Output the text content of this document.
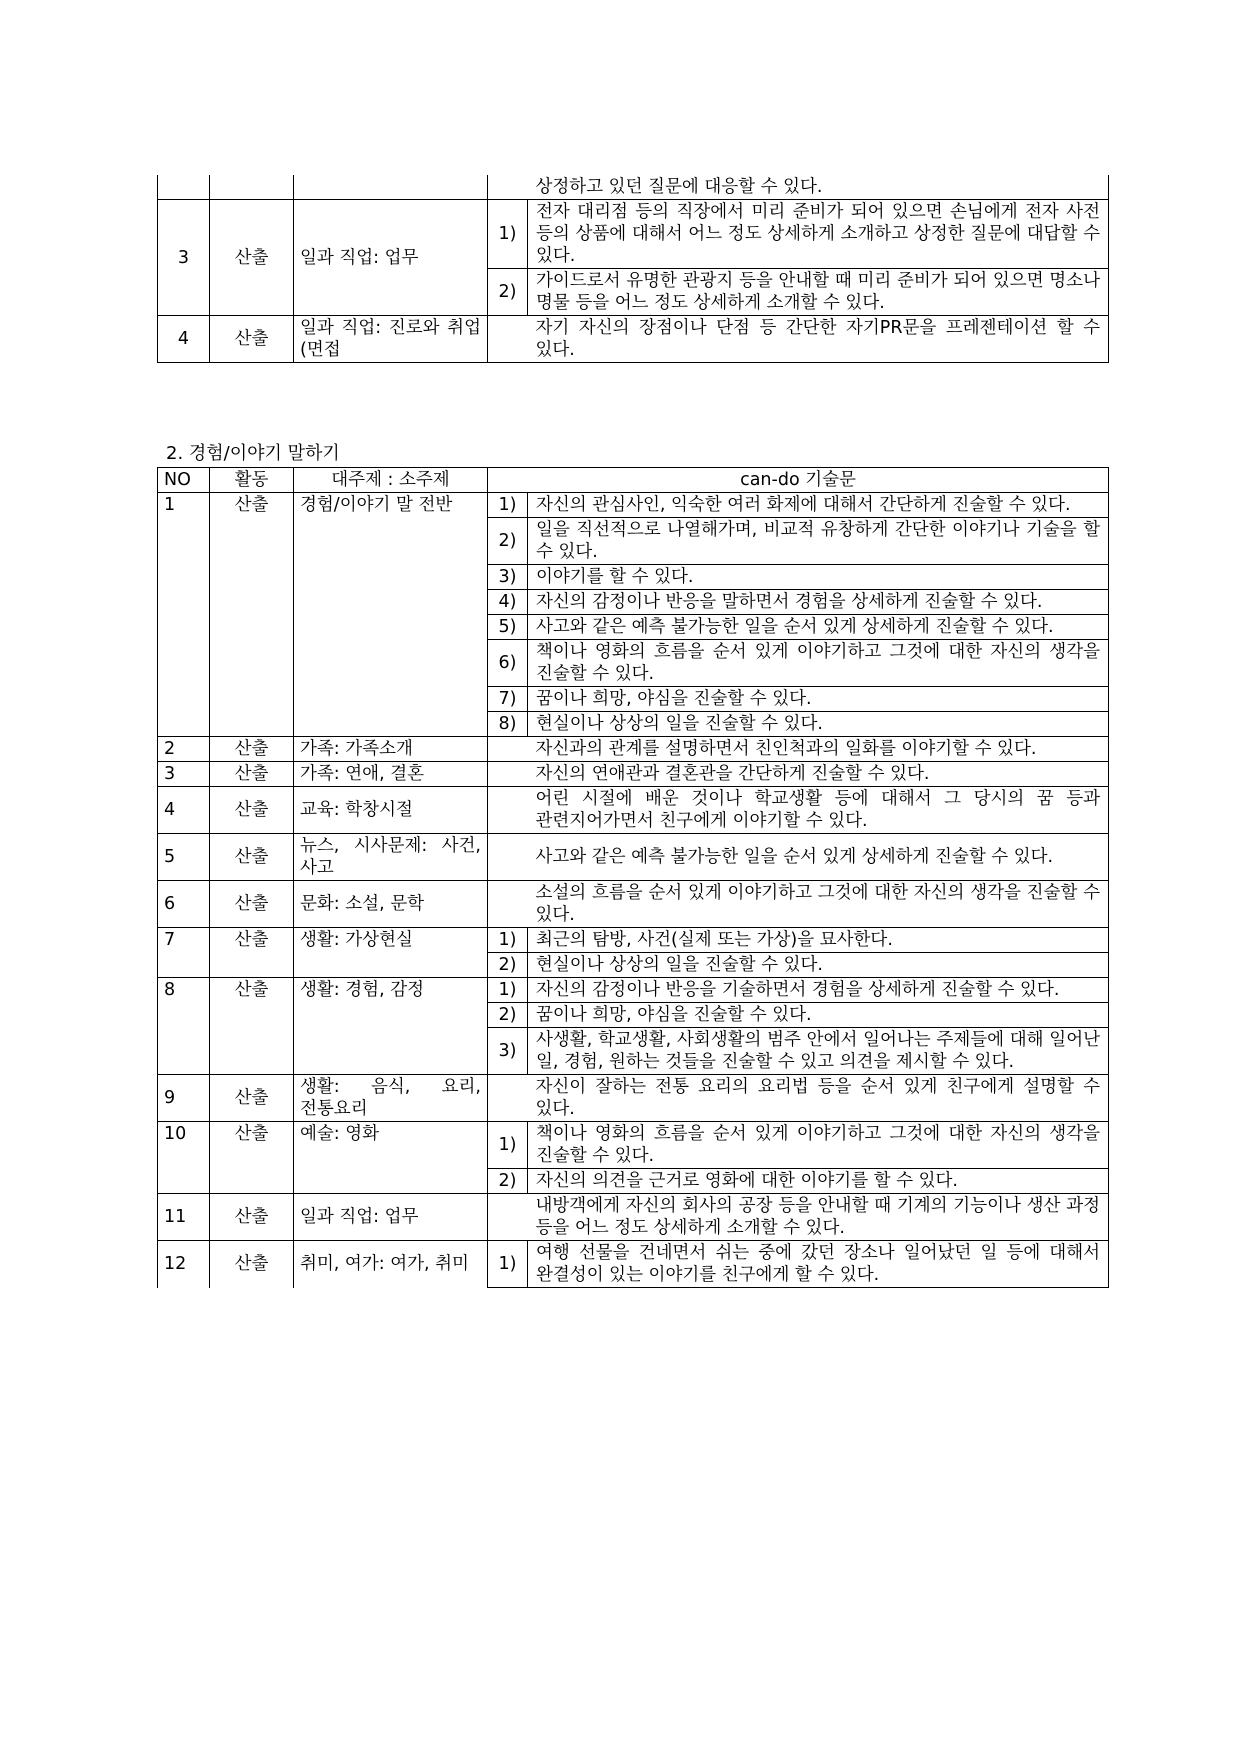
				상정하고 있던 질문에 대응할 수 있다.
3	산출	일과 직업: 업무	1)	전자 대리점 등의 직장에서 미리 준비가 되어 있으면 손님에게 전자 사전 등의 상품에 대해서 어느 정도 상세하게 소개하고 상정한 질문에 대답할 수 있다.
			2)	가이드로서 유명한 관광지 등을 안내할 때 미리 준비가 되어 있으면 명소나 명물 등을 어느 정도 상세하게 소개할 수 있다.
4	산출	일과 직업: 진로와 취업(면접		자기 자신의 장점이나 단점 등 간단한 자기PR문을 프레젠테이션 할 수 있다.
2. 경험/이야기 말하기
NO	활동	대주제 : 소주제	can-do 기술문	
1	산출	경험/이야기 말 전반	1)	자신의 관심사인, 익숙한 여러 화제에 대해서 간단하게 진술할 수 있다.
			2)	일을 직선적으로 나열해가며, 비교적 유창하게 간단한 이야기나 기술을 할 수 있다.
			3)	이야기를 할 수 있다.
			4)	자신의 감정이나 반응을 말하면서 경험을 상세하게 진술할 수 있다.
			5)	사고와 같은 예측 불가능한 일을 순서 있게 상세하게 진술할 수 있다.
			6)	책이나 영화의 흐름을 순서 있게 이야기하고 그것에 대한 자신의 생각을 진술할 수 있다.
			7)	꿈이나 희망, 야심을 진술할 수 있다.
			8)	현실이나 상상의 일을 진술할 수 있다.
2	산출	가족: 가족소개		자신과의 관계를 설명하면서 친인척과의 일화를 이야기할 수 있다.
3	산출	가족: 연애, 결혼		자신의 연애관과 결혼관을 간단하게 진술할 수 있다.
4	산출	교육: 학창시절		어린 시절에 배운 것이나 학교생활 등에 대해서 그 당시의 꿈 등과 관련지어가면서 친구에게 이야기할 수 있다.
5	산출	뉴스, 시사문제: 사건, 사고		사고와 같은 예측 불가능한 일을 순서 있게 상세하게 진술할 수 있다.
6	산출	문화: 소설, 문학		소설의 흐름을 순서 있게 이야기하고 그것에 대한 자신의 생각을 진술할 수 있다.
7	산출	생활: 가상현실	1)	최근의 탐방, 사건(실제 또는 가상)을 묘사한다.
			2)	현실이나 상상의 일을 진술할 수 있다.
8	산출	생활: 경험, 감정	1)	자신의 감정이나 반응을 기술하면서 경험을 상세하게 진술할 수 있다.
			2)	꿈이나 희망, 야심을 진술할 수 있다.
			3)	사생활, 학교생활, 사회생활의 범주 안에서 일어나는 주제들에 대해 일어난 일, 경험, 원하는 것들을 진술할 수 있고 의견을 제시할 수 있다.
9	산출	생활: 음식, 요리, 전통요리		자신이 잘하는 전통 요리의 요리법 등을 순서 있게 친구에게 설명할 수 있다.
10	산출	예술: 영화	1)	책이나 영화의 흐름을 순서 있게 이야기하고 그것에 대한 자신의 생각을 진술할 수 있다.
			2)	자신의 의견을 근거로 영화에 대한 이야기를 할 수 있다.
11	산출	일과 직업: 업무		내방객에게 자신의 회사의 공장 등을 안내할 때 기계의 기능이나 생산 과정 등을 어느 정도 상세하게 소개할 수 있다.
12	산출	취미, 여가: 여가, 취미	1)	여행 선물을 건네면서 쉬는 중에 갔던 장소나 일어났던 일 등에 대해서 완결성이 있는 이야기를 친구에게 할 수 있다.
